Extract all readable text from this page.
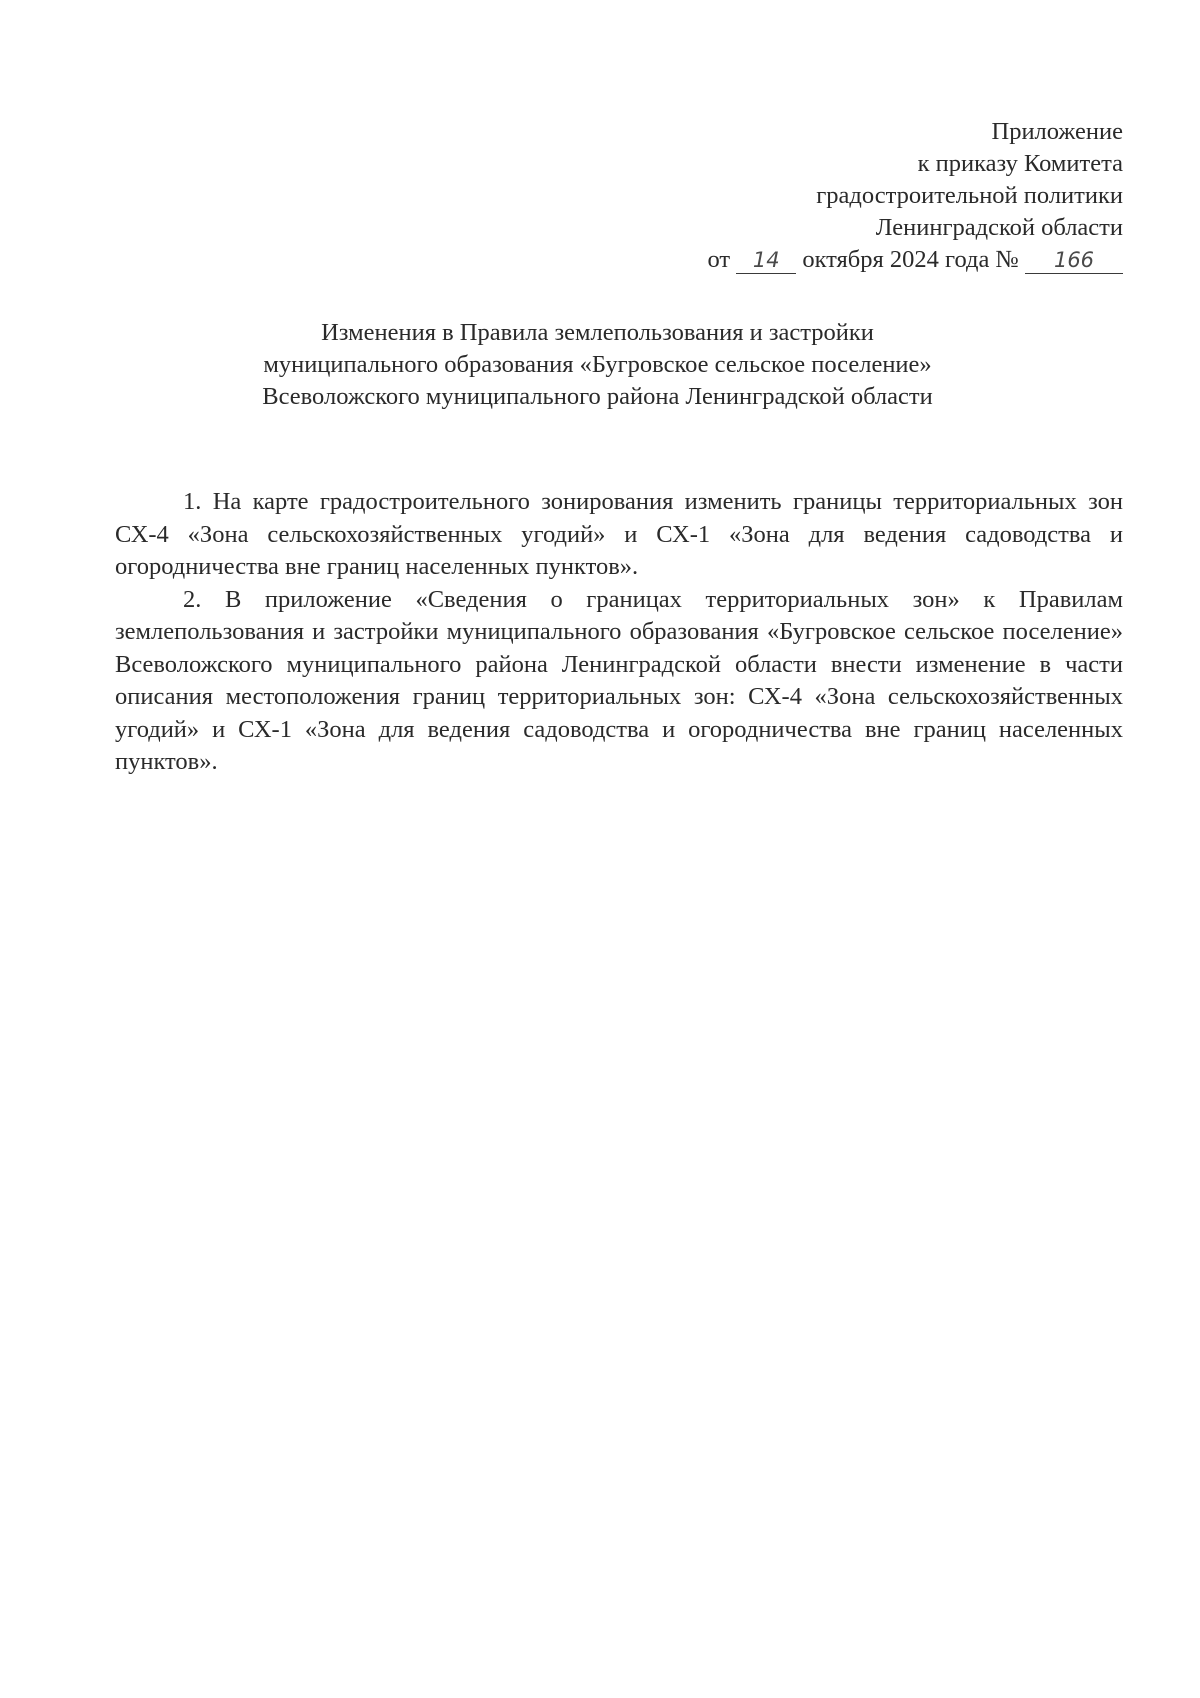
Приложение
к приказу Комитета
градостроительной политики
Ленинградской области
от 14 октября 2024 года № 166
Изменения в Правила землепользования и застройки
муниципального образования «Бугровское сельское поселение»
Всеволожского муниципального района Ленинградской области

1. На карте градостроительного зонирования изменить границы территориальных зон СХ-4 «Зона сельскохозяйственных угодий» и СХ-1 «Зона для ведения садоводства и огородничества вне границ населенных пунктов».

2. В приложение «Сведения о границах территориальных зон» к Правилам землепользования и застройки муниципального образования «Бугровское сельское поселение» Всеволожского муниципального района Ленинградской области внести изменение в части описания местоположения границ территориальных зон: СХ-4 «Зона сельскохозяйственных угодий» и СХ-1 «Зона для ведения садоводства и огородничества вне границ населенных пунктов».
